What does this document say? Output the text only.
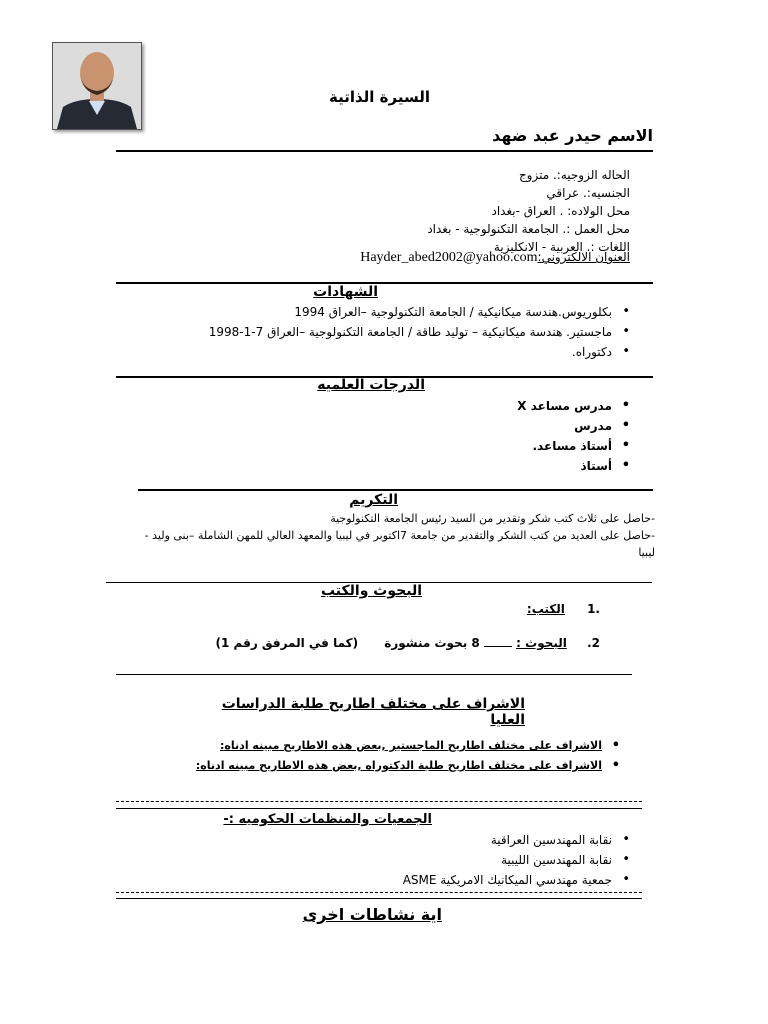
السيرة الذاتية
الاسم حيدر عبد ضهد
الحاله الزوجيه:. متزوج
الجنسيه:. عراقي
محل الولاده: . العراق -بغداد
محل العمل :. الجامعة التكنولوجية - بغداد
اللغات :. العربية - الانكليزية
Hayder_abed2002@yahoo.comالعنوان الالكتروني:
الشهادات
• بكلوريوس.هندسة ميكانيكية / الجامعة التكنولوجية –العراق 1994
• ماجستير. هندسة ميكانيكية – توليد طاقة / الجامعة التكنولوجية –العراق 7-1-1998
• دكتوراه.
الدرجات العلميه
• مدرس مساعد X
• مدرس
• أستاذ مساعد.
• أستاذ
التكريم
-حاصل على ثلاث كتب شكر وتقدير من السيد رئيس الجامعة التكنولوجية
-حاصل على العديد من كتب الشكر والتقدير من جامعة 7اكتوبر في ليبيا والمعهد العالي للمهن الشاملة –بنى وليد -
ليبيا
البحوث والكتب
الكتب: 1.
2. البحوث :  8 بحوث منشورة (كما في المرفق رقم 1)
الاشراف على مختلف اطاريح طلبة الدراسات العليا
• الاشراف على مختلف اطاريح الماجستير ,بعض هذه الاطاريح مبينه ادناه:
• الاشراف على مختلف اطاريح طلبة الدكتوراه ,بعض هذه الاطاريح مبينه ادناه:
الجمعيات والمنظمات الحكوميه :-
• نقابة المهندسين العراقية
• نقابة المهندسين الليبية
• جمعية مهندسي الميكانيك الامريكية ASME
اية نشاطات اخرى
